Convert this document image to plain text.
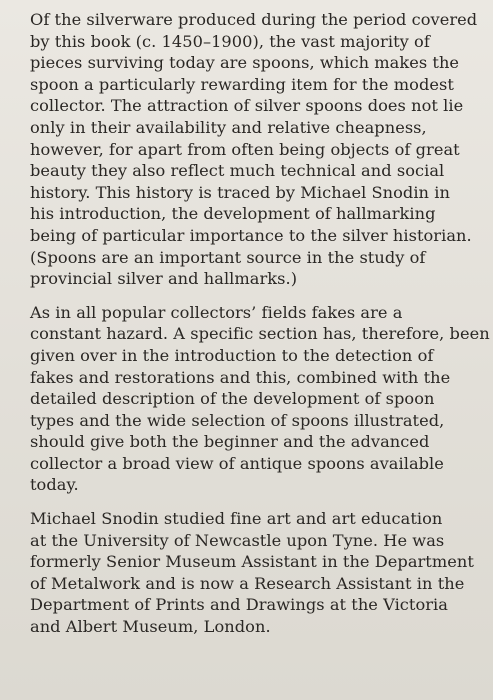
Of the silverware produced during the period covered
by this book (c. 1450–1900), the vast majority of
pieces surviving today are spoons, which makes the
spoon a particularly rewarding item for the modest
collector. The attraction of silver spoons does not lie
only in their availability and relative cheapness,
however, for apart from often being objects of great
beauty they also reflect much technical and social
history. This history is traced by Michael Snodin in
his introduction, the development of hallmarking
being of particular importance to the silver historian.
(Spoons are an important source in the study of
provincial silver and hallmarks.)
As in all popular collectors’ fields fakes are a
constant hazard. A specific section has, therefore, been
given over in the introduction to the detection of
fakes and restorations and this, combined with the
detailed description of the development of spoon
types and the wide selection of spoons illustrated,
should give both the beginner and the advanced
collector a broad view of antique spoons available
today.
Michael Snodin studied fine art and art education
at the University of Newcastle upon Tyne. He was
formerly Senior Museum Assistant in the Department
of Metalwork and is now a Research Assistant in the
Department of Prints and Drawings at the Victoria
and Albert Museum, London.
